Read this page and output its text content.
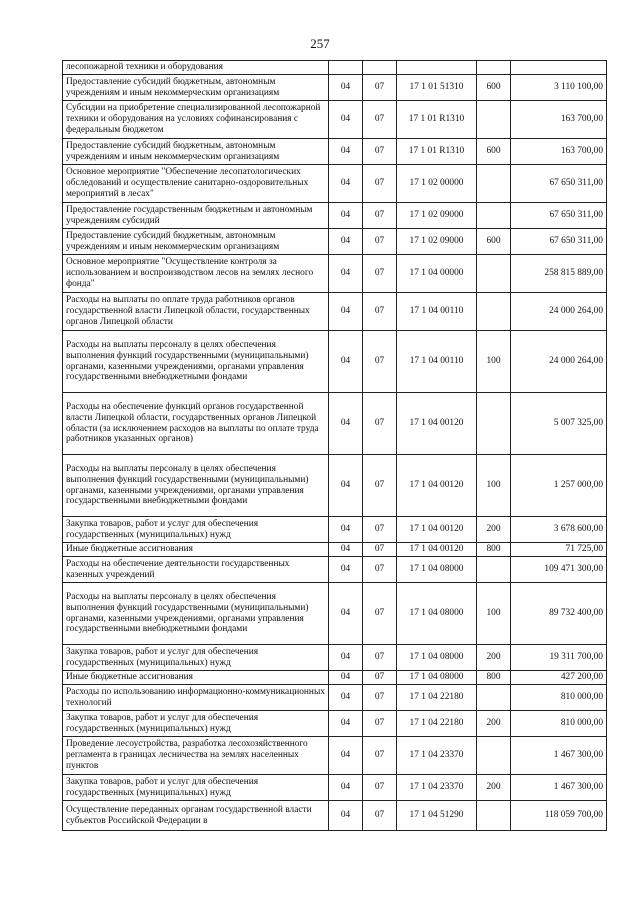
257
лесопожарной техники и оборудования					
Предоставление субсидий бюджетным, автономным учреждениям и иным некоммерческим организациям	04	07	17 1 01 51310	600	3 110 100,00
Субсидии на приобретение специализированной лесопожарной техники и оборудования на условиях софинансирования с федеральным бюджетом	04	07	17 1 01 R1310		163 700,00
Предоставление субсидий бюджетным, автономным учреждениям и иным некоммерческим организациям	04	07	17 1 01 R1310	600	163 700,00
Основное мероприятие "Обеспечение лесопатологических обследований и осуществление санитарно-оздоровительных мероприятий в лесах"	04	07	17 1 02 00000		67 650 311,00
Предоставление государственным бюджетным и автономным учреждениям субсидий	04	07	17 1 02 09000		67 650 311,00
Предоставление субсидий бюджетным, автономным учреждениям и иным некоммерческим организациям	04	07	17 1 02 09000	600	67 650 311,00
Основное мероприятие "Осуществление контроля за использованием и воспроизводством лесов на землях лесного фонда"	04	07	17 1 04 00000		258 815 889,00
Расходы на выплаты по оплате труда работников органов государственной власти Липецкой области, государственных органов Липецкой области	04	07	17 1 04 00110		24 000 264,00
Расходы на выплаты персоналу в целях обеспечения выполнения функций государственными (муниципальными) органами, казенными учреждениями, органами управления государственными внебюджетными фондами	04	07	17 1 04 00110	100	24 000 264,00
Расходы на обеспечение функций органов государственной власти Липецкой области, государственных органов Липецкой области (за исключением расходов на выплаты по оплате труда работников указанных органов)	04	07	17 1 04 00120		5 007 325,00
Расходы на выплаты персоналу в целях обеспечения выполнения функций государственными (муниципальными) органами, казенными учреждениями, органами управления государственными внебюджетными фондами	04	07	17 1 04 00120	100	1 257 000,00
Закупка товаров, работ и услуг для обеспечения государственных (муниципальных) нужд	04	07	17 1 04 00120	200	3 678 600,00
Иные бюджетные ассигнования	04	07	17 1 04 00120	800	71 725,00
Расходы на обеспечение деятельности государственных казенных учреждений	04	07	17 1 04 08000		109 471 300,00
Расходы на выплаты персоналу в целях обеспечения выполнения функций государственными (муниципальными) органами, казенными учреждениями, органами управления государственными внебюджетными фондами	04	07	17 1 04 08000	100	89 732 400,00
Закупка товаров, работ и услуг для обеспечения государственных (муниципальных) нужд	04	07	17 1 04 08000	200	19 311 700,00
Иные бюджетные ассигнования	04	07	17 1 04 08000	800	427 200,00
Расходы по использованию информационно-коммуникационных технологий	04	07	17 1 04 22180		810 000,00
Закупка товаров, работ и услуг для обеспечения государственных (муниципальных) нужд	04	07	17 1 04 22180	200	810 000,00
Проведение лесоустройства, разработка лесохозяйственного регламента в границах лесничества на землях населенных пунктов	04	07	17 1 04 23370		1 467 300,00
Закупка товаров, работ и услуг для обеспечения государственных (муниципальных) нужд	04	07	17 1 04 23370	200	1 467 300,00
Осуществление переданных органам государственной власти субъектов Российской Федерации в	04	07	17 1 04 51290		118 059 700,00
